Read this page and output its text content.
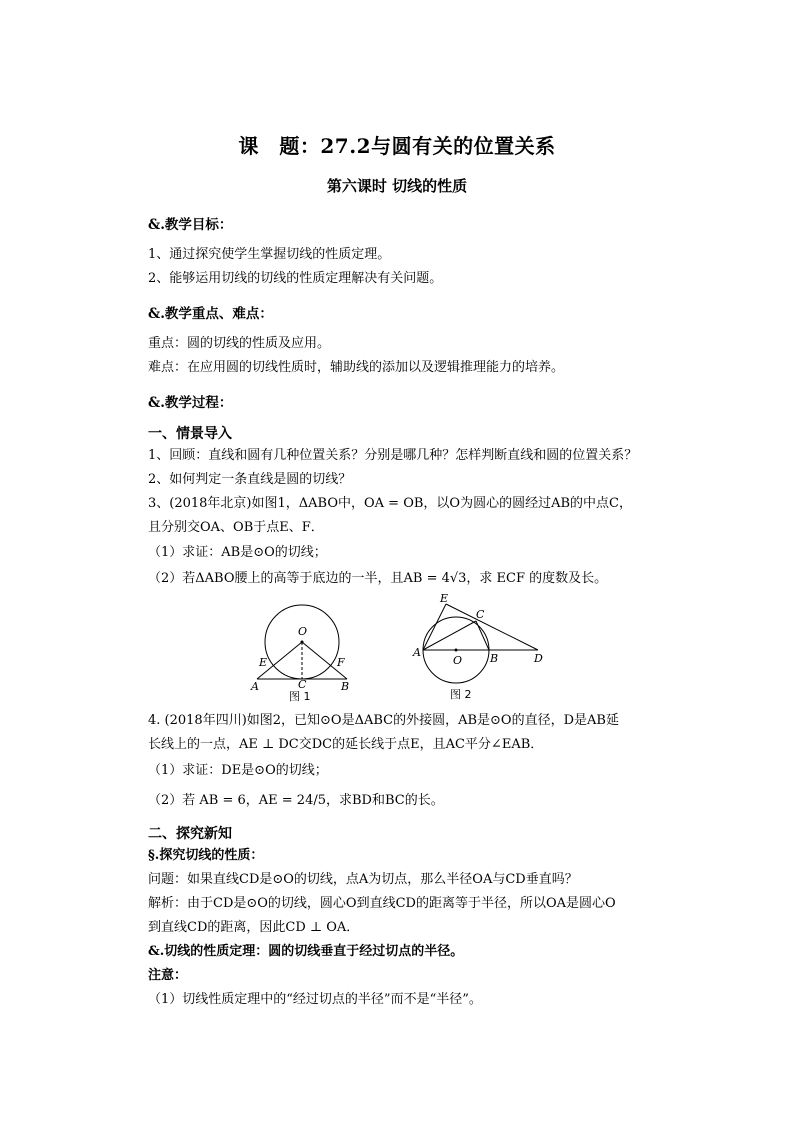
课　题：27.2与圆有关的位置关系
第六课时 切线的性质
&.教学目标：
1、通过探究使学生掌握切线的性质定理。
2、能够运用切线的切线的性质定理解决有关问题。
&.教学重点、难点：
重点：圆的切线的性质及应用。
难点：在应用圆的切线性质时，辅助线的添加以及逻辑推理能力的培养。
&.教学过程：
一、情景导入
1、回顾：直线和圆有几种位置关系？分别是哪几种？怎样判断直线和圆的位置关系？
2、如何判定一条直线是圆的切线？
3、(2018年北京)如图1，ΔABO中，OA = OB，以O为圆心的圆经过AB的中点C，
且分别交OA、OB于点E、F．
（1）求证：AB是⊙O的切线；
（2）若ΔABO腰上的高等于底边的一半，且AB = 4√3，求 ECF 的度数及长。
O
E	F
A	C	B
图 1
E
C
A
O	B	D
图 2
4. (2018年四川)如图2，已知⊙O是ΔABC的外接圆，AB是⊙O的直径，D是AB延
长线上的一点，AE ⊥ DC交DC的延长线于点E，且AC平分∠EAB．
（1）求证：DE是⊙O的切线；
（2）若 AB = 6，AE = 24/5，求BD和BC的长。
二、探究新知
§.探究切线的性质：
问题：如果直线CD是⊙O的切线，点A为切点，那么半径OA与CD垂直吗？
解析：由于CD是⊙O的切线，圆心O到直线CD的距离等于半径，所以OA是圆心O
到直线CD的距离，因此CD ⊥ OA．
&.切线的性质定理：圆的切线垂直于经过切点的半径。
注意：
（1）切线性质定理中的“经过切点的半径”而不是“半径”。
